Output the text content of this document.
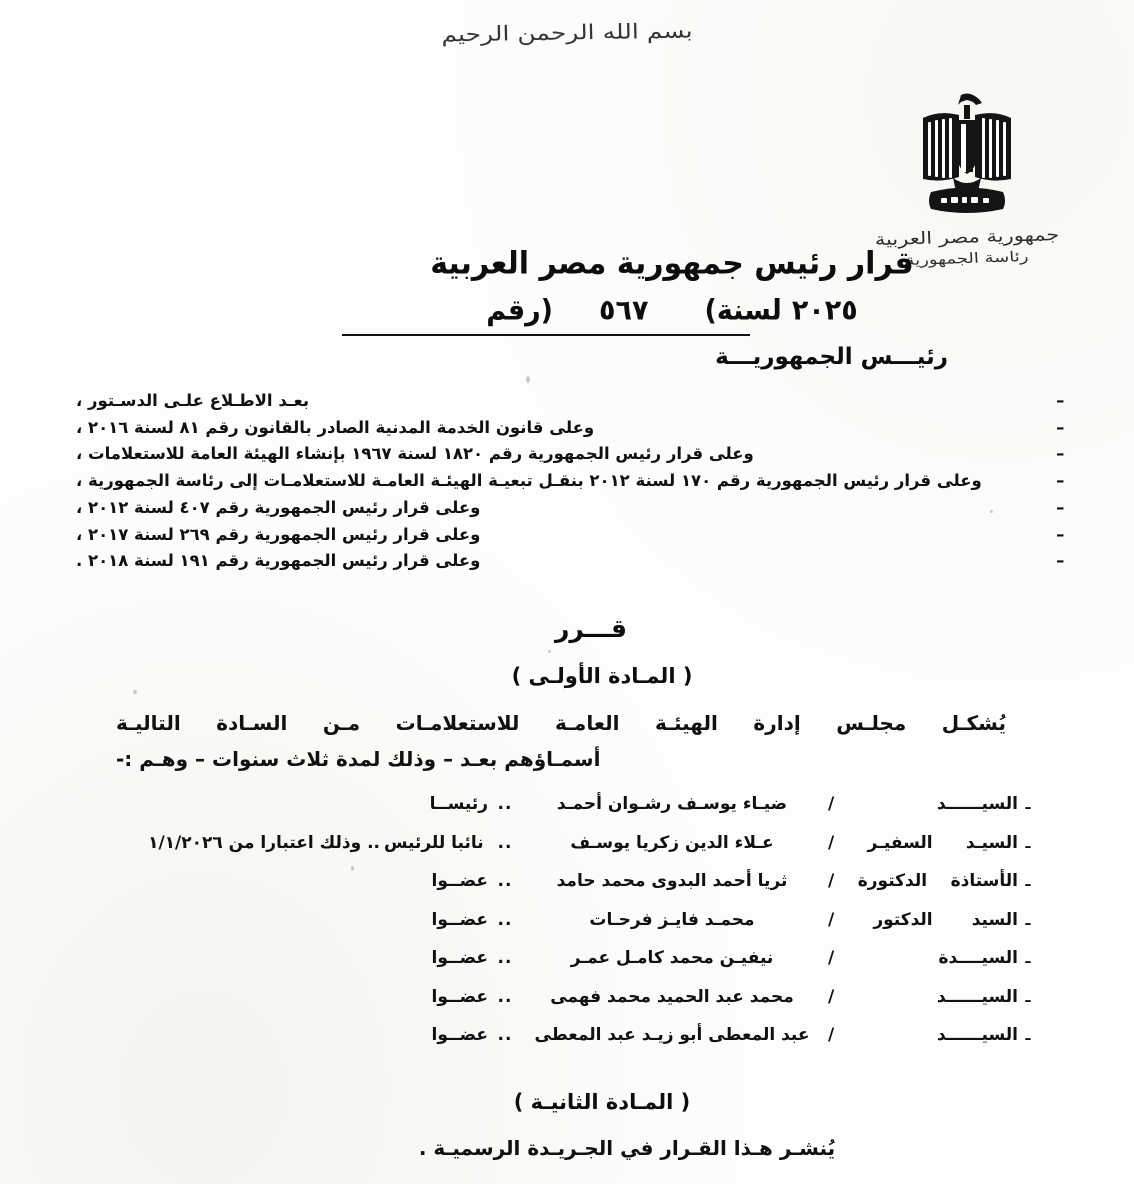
بسم الله الرحمن الرحيم
جمهورية مصر العربية
رئاسة الجمهورية
قرار رئيس جمهورية مصر العربية
٢٠٢٥
لسنة
)
٥٦٧
(
رقم
رئيـــس الجمهوريـــة
–
بعـد الاطـلاع علـى الدسـتور ،
–
وعلى قانون الخدمة المدنية الصادر بالقانون رقم ٨١ لسنة ٢٠١٦ ،
–
وعلى قرار رئيس الجمهورية رقم ١٨٢٠ لسنة ١٩٦٧ بإنشاء الهيئة العامة للاستعلامات ،
–
وعلى قرار رئيس الجمهورية رقم ١٧٠ لسنة ٢٠١٢ بنقـل تبعيـة الهيئـة العامـة للاستعلامـات إلى رئاسة الجمهورية ،
–
وعلى قرار رئيس الجمهورية رقم ٤٠٧ لسنة ٢٠١٢ ،
–
وعلى قرار رئيس الجمهورية رقم ٢٦٩ لسنة ٢٠١٧ ،
–
وعلى قرار رئيس الجمهورية رقم ١٩١ لسنة ٢٠١٨ .
قـــرر
( المـادة الأولـى )
يُشكـل مجلـس إدارة الهيئـة العامـة للاستعلامـات مـن السـادة التاليـة
أسمـاؤهم بعـد – وذلك لمدة ثلاث سنوات – وهـم :-
ـ
السيــــــد /
ضيـاء يوسـف رشـوان أحمـد
..
رئيســا
ـ
السيـد السفيـر /
عـلاء الدين زكريا يوسـف
..
نائبا للرئيس
.. وذلك اعتبارا من ١/١/٢٠٢٦
ـ
الأستاذة الدكتورة /
ثريا أحمد البدوى محمد حامد
..
عضــوا
ـ
السيد الدكتور /
محمـد فايـز فرحـات
..
عضــوا
ـ
السيــــدة /
نيفيـن محمد كامـل عمـر
..
عضــوا
ـ
السيــــــد /
محمد عبد الحميد محمد فهمى
..
عضــوا
ـ
السيــــــد /
عبد المعطى أبو زيـد عبد المعطى
..
عضــوا
( المـادة الثانيـة )
يُنشـر هـذا القـرار في الجـريـدة الرسميـة .
